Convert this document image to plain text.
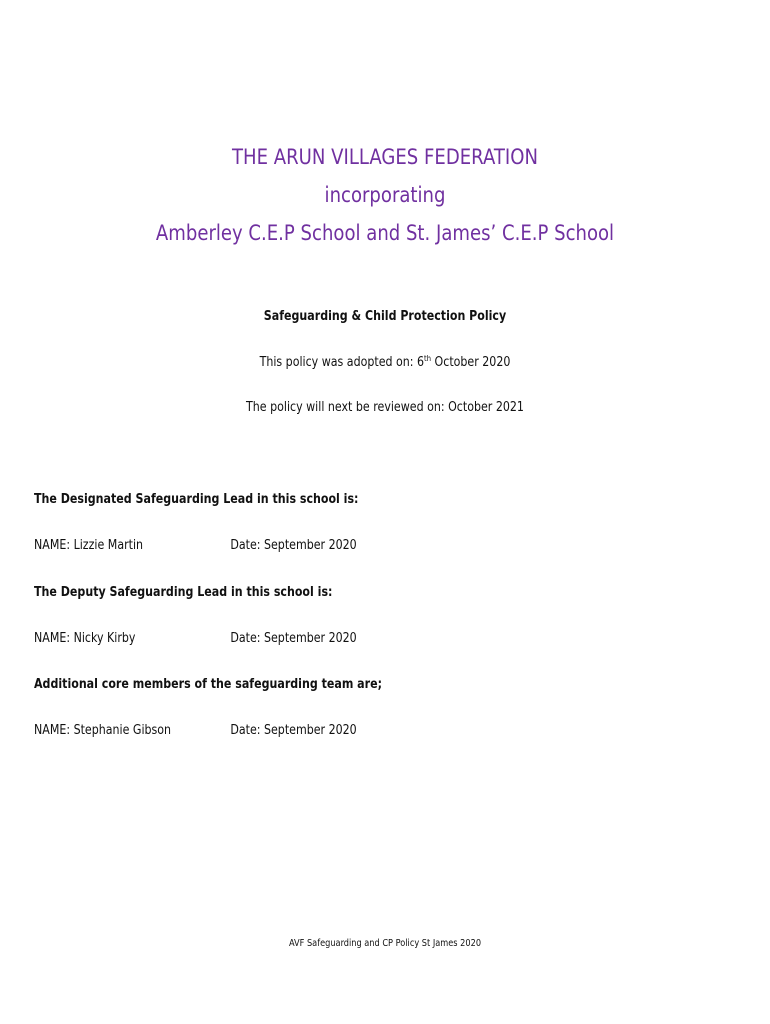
THE ARUN VILLAGES FEDERATION
incorporating
Amberley C.E.P School and St. James’ C.E.P School
Safeguarding & Child Protection Policy
This policy was adopted on: 6th October 2020
The policy will next be reviewed on: October 2021
The Designated Safeguarding Lead in this school is:
NAME: Lizzie Martin	Date: September 2020
The Deputy Safeguarding Lead in this school is:
NAME: Nicky Kirby	Date: September 2020
Additional core members of the safeguarding team are;
NAME: Stephanie Gibson	Date: September 2020
AVF Safeguarding and CP Policy St James 2020
